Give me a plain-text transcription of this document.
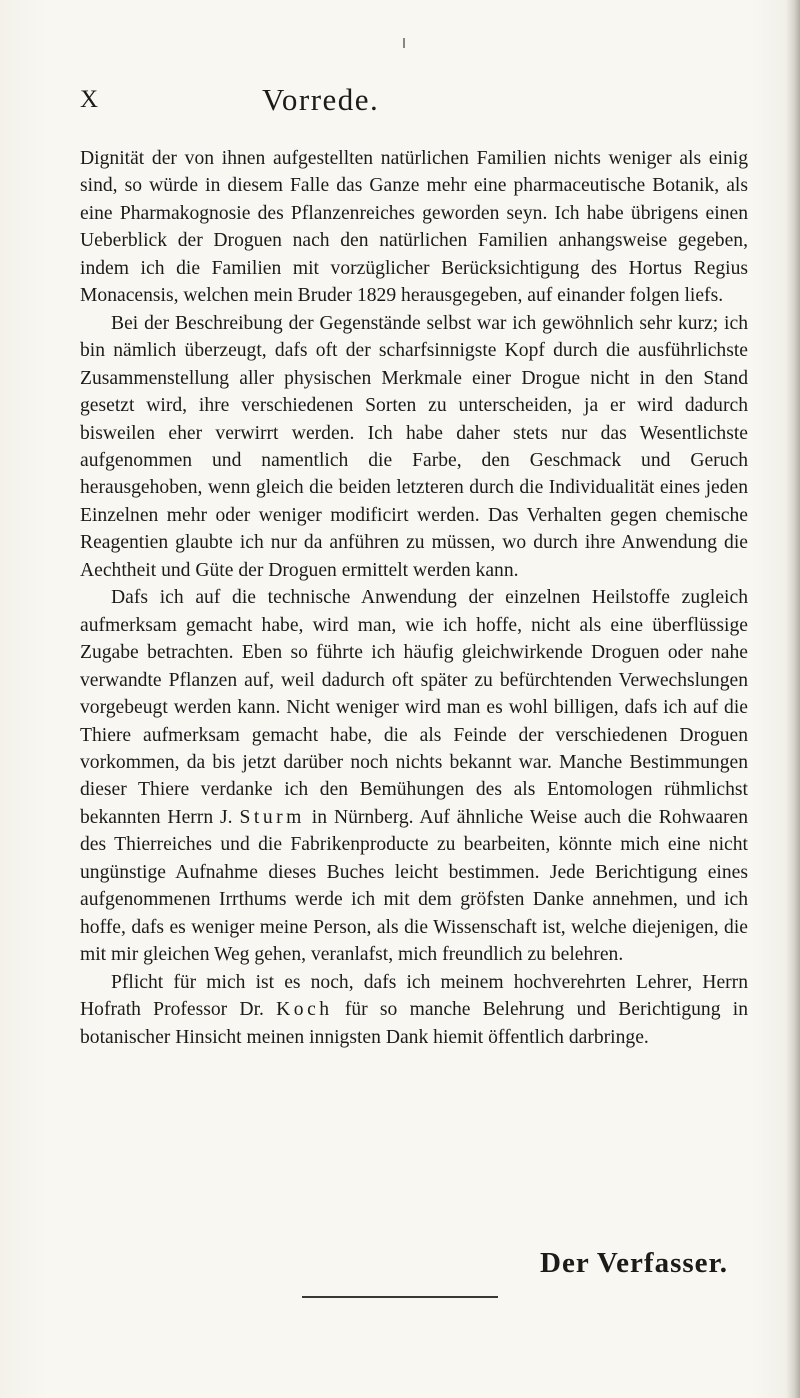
X	Vorrede.

Dignität der von ihnen aufgestellten natürlichen Familien nichts weniger als einig sind, so würde in diesem Falle das Ganze mehr eine pharmaceutische Botanik, als eine Pharmakognosie des Pflanzenreiches geworden seyn. Ich habe übrigens einen Ueberblick der Droguen nach den natürlichen Familien anhangsweise gegeben, indem ich die Familien mit vorzüglicher Berücksichtigung des Hortus Regius Monacensis, welchen mein Bruder 1829 herausgegeben, auf einander folgen liefs.

Bei der Beschreibung der Gegenstände selbst war ich gewöhnlich sehr kurz; ich bin nämlich überzeugt, dafs oft der scharfsinnigste Kopf durch die ausführlichste Zusammenstellung aller physischen Merkmale einer Drogue nicht in den Stand gesetzt wird, ihre verschiedenen Sorten zu unterscheiden, ja er wird dadurch bisweilen eher verwirrt werden. Ich habe daher stets nur das Wesentlichste aufgenommen und namentlich die Farbe, den Geschmack und Geruch herausgehoben, wenn gleich die beiden letzteren durch die Individualität eines jeden Einzelnen mehr oder weniger modificirt werden. Das Verhalten gegen chemische Reagentien glaubte ich nur da anführen zu müssen, wo durch ihre Anwendung die Aechtheit und Güte der Droguen ermittelt werden kann.

Dafs ich auf die technische Anwendung der einzelnen Heilstoffe zugleich aufmerksam gemacht habe, wird man, wie ich hoffe, nicht als eine überflüssige Zugabe betrachten. Eben so führte ich häufig gleichwirkende Droguen oder nahe verwandte Pflanzen auf, weil dadurch oft später zu befürchtenden Verwechslungen vorgebeugt werden kann. Nicht weniger wird man es wohl billigen, dafs ich auf die Thiere aufmerksam gemacht habe, die als Feinde der verschiedenen Droguen vorkommen, da bis jetzt darüber noch nichts bekannt war. Manche Bestimmungen dieser Thiere verdanke ich den Bemühungen des als Entomologen rühmlichst bekannten Herrn J. Sturm in Nürnberg. Auf ähnliche Weise auch die Rohwaaren des Thierreiches und die Fabrikenproducte zu bearbeiten, könnte mich eine nicht ungünstige Aufnahme dieses Buches leicht bestimmen. Jede Berichtigung eines aufgenommenen Irrthums werde ich mit dem gröfsten Danke annehmen, und ich hoffe, dafs es weniger meine Person, als die Wissenschaft ist, welche diejenigen, die mit mir gleichen Weg gehen, veranlafst, mich freundlich zu belehren.

Pflicht für mich ist es noch, dafs ich meinem hochverehrten Lehrer, Herrn Hofrath Professor Dr. Koch für so manche Belehrung und Berichtigung in botanischer Hinsicht meinen innigsten Dank hiemit öffentlich darbringe.

Der Verfasser.
